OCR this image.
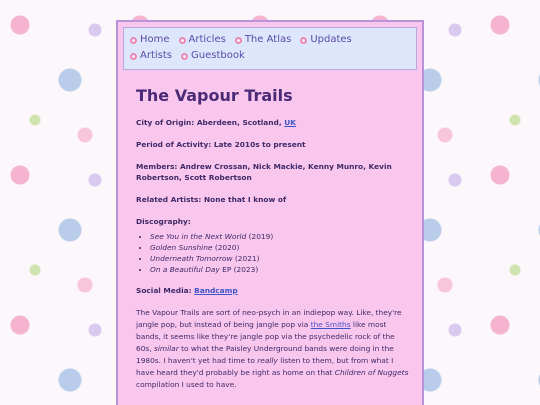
Home Articles The Atlas Updates
Artists Guestbook
The Vapour Trails

City of Origin: Aberdeen, Scotland, UK

Period of Activity: Late 2010s to present

Members: Andrew Crossan, Nick Mackie, Kenny Munro, Kevin Robertson, Scott Robertson

Related Artists: None that I know of

Discography:

• See You in the Next World (2019)
• Golden Sunshine (2020)
• Underneath Tomorrow (2021)
• On a Beautiful Day EP (2023)

Social Media: Bandcamp

The Vapour Trails are sort of neo-psych in an indiepop way. Like, they're jangle pop, but instead of being jangle pop via the Smiths like most bands, it seems like they're jangle pop via the psychedelic rock of the 60s, similar to what the Paisley Underground bands were doing in the 1980s. I haven't yet had time to really listen to them, but from what I have heard they'd probably be right as home on that Children of Nuggets compilation I used to have.
